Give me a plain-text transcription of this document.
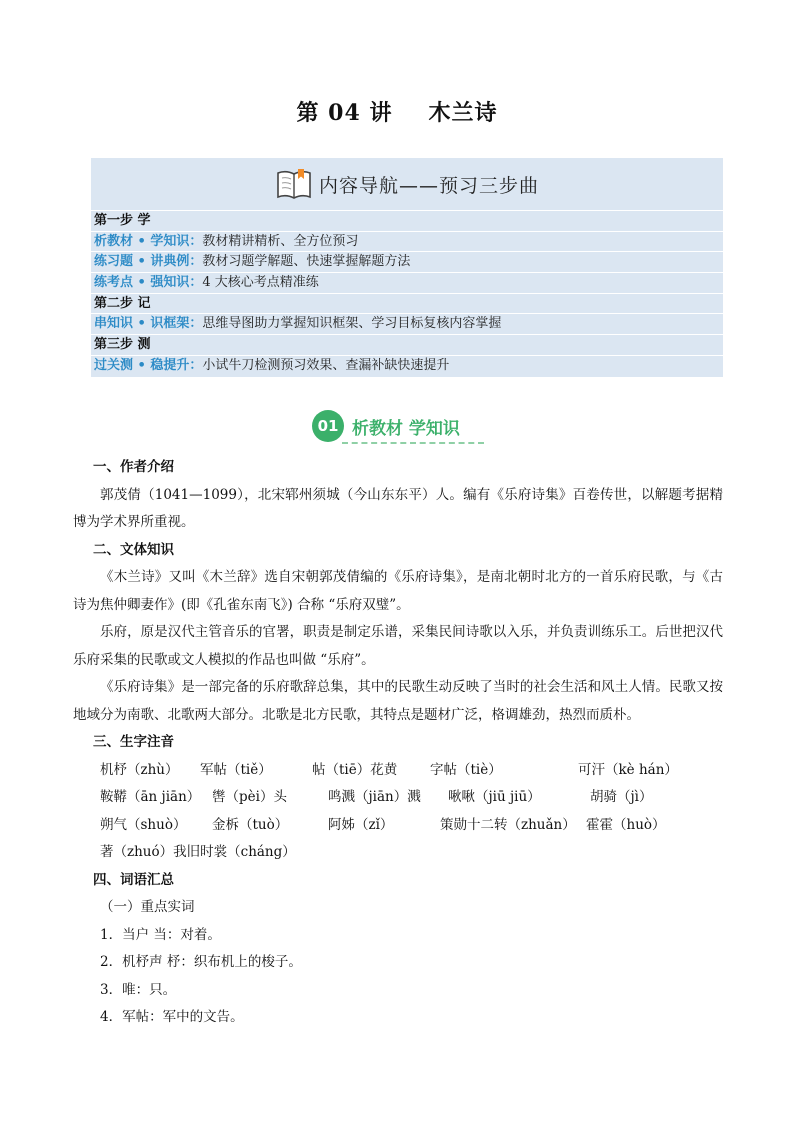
第 04 讲 木兰诗
内容导航——预习三步曲
第一步 学
析教材 • 学知识：教材精讲精析、全方位预习
练习题 • 讲典例：教材习题学解题、快速掌握解题方法
练考点 • 强知识：4 大核心考点精准练
第二步 记
串知识 • 识框架：思维导图助力掌握知识框架、学习目标复核内容掌握
第三步 测
过关测 • 稳提升：小试牛刀检测预习效果、查漏补缺快速提升
01 析教材 学知识
一、作者介绍
郭茂倩（1041—1099），北宋郓州须城（今山东东平）人。编有《乐府诗集》百卷传世，以解题考据精博为学术界所重视。
二、文体知识
《木兰诗》又叫《木兰辞》选自宋朝郭茂倩编的《乐府诗集》，是南北朝时北方的一首乐府民歌，与《古诗为焦仲卿妻作》(即《孔雀东南飞》) 合称 “乐府双璧”。
乐府，原是汉代主管音乐的官署，职责是制定乐谱，采集民间诗歌以入乐，并负责训练乐工。后世把汉代乐府采集的民歌或文人模拟的作品也叫做 “乐府”。
《乐府诗集》是一部完备的乐府歌辞总集，其中的民歌生动反映了当时的社会生活和风土人情。民歌又按地域分为南歌、北歌两大部分。北歌是北方民歌，其特点是题材广泛，格调雄劲，热烈而质朴。
三、生字注音
机杼（zhù）	军帖（tiě）	帖（tiē）花黄	字帖（tiè）	可汗（kè hán）
鞍鞯（ān jiān） 辔（pèi）头	鸣溅（jiān）溅	啾啾（jiū jiū）	胡骑（jì）
朔气（shuò）	金柝（tuò）	阿姊（zǐ）	策勋十二转（zhuǎn） 霍霍（huò）
著（zhuó）我旧时裳（cháng）
四、词语汇总
（一）重点实词
1．当户 当：对着。
2．机杼声 杼：织布机上的梭子。
3．唯：只。
4．军帖：军中的文告。
